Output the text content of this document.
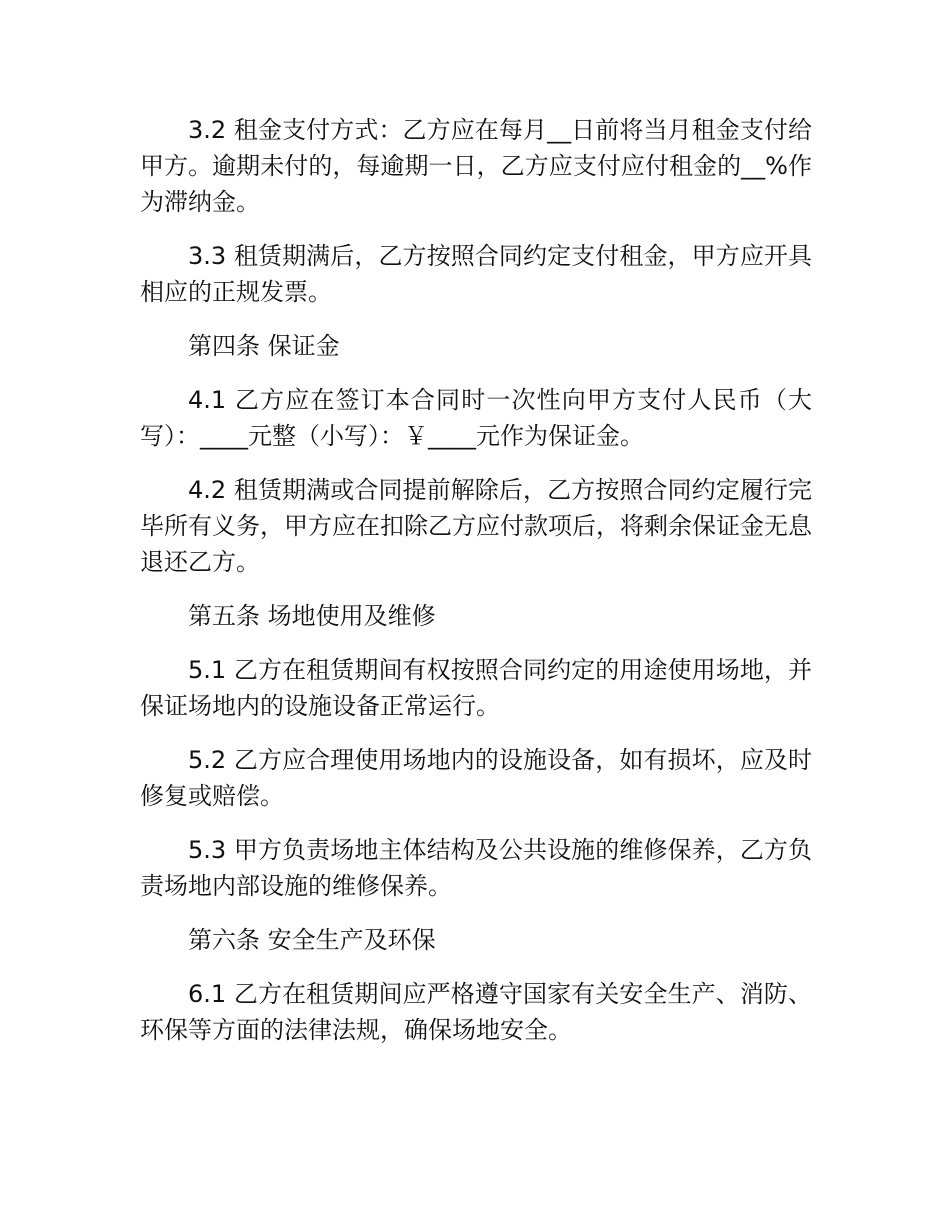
3.2 租金支付方式：乙方应在每月__日前将当月租金支付给甲方。逾期未付的，每逾期一日，乙方应支付应付租金的__%作为滞纳金。

3.3 租赁期满后，乙方按照合同约定支付租金，甲方应开具相应的正规发票。

第四条 保证金

4.1 乙方应在签订本合同时一次性向甲方支付人民币（大写）：____元整（小写）：￥____元作为保证金。

4.2 租赁期满或合同提前解除后，乙方按照合同约定履行完毕所有义务，甲方应在扣除乙方应付款项后，将剩余保证金无息退还乙方。

第五条 场地使用及维修

5.1 乙方在租赁期间有权按照合同约定的用途使用场地，并保证场地内的设施设备正常运行。

5.2 乙方应合理使用场地内的设施设备，如有损坏，应及时修复或赔偿。

5.3 甲方负责场地主体结构及公共设施的维修保养，乙方负责场地内部设施的维修保养。

第六条 安全生产及环保

6.1 乙方在租赁期间应严格遵守国家有关安全生产、消防、环保等方面的法律法规，确保场地安全。
